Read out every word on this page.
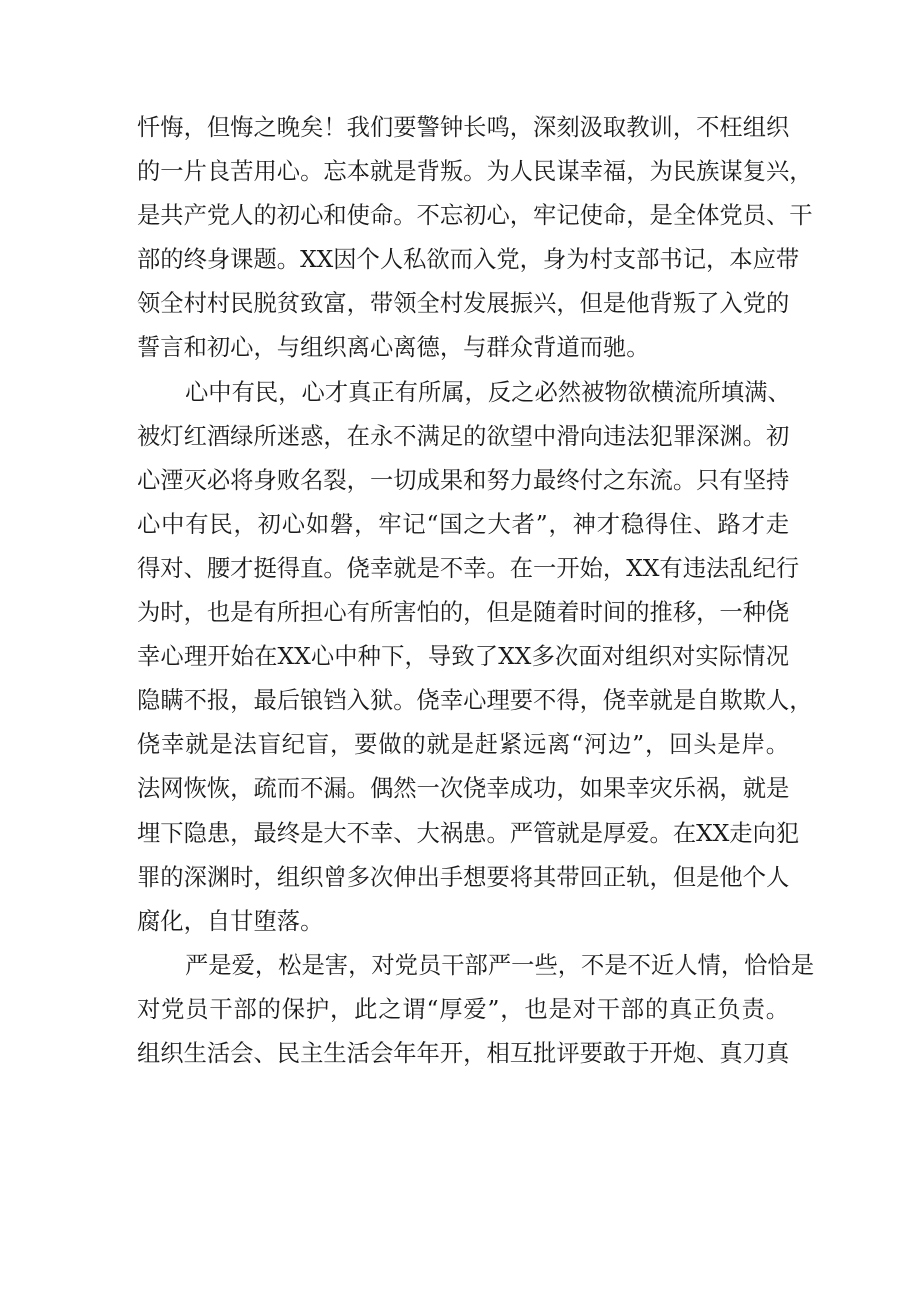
忏悔，但悔之晚矣！我们要警钟长鸣，深刻汲取教训，不枉组织
的一片良苦用心。忘本就是背叛。为人民谋幸福，为民族谋复兴，
是共产党人的初心和使命。不忘初心，牢记使命，是全体党员、干
部的终身课题。XX因个人私欲而入党，身为村支部书记，本应带
领全村村民脱贫致富，带领全村发展振兴，但是他背叛了入党的
誓言和初心，与组织离心离德，与群众背道而驰。
心中有民，心才真正有所属，反之必然被物欲横流所填满、
被灯红酒绿所迷惑，在永不满足的欲望中滑向违法犯罪深渊。初
心湮灭必将身败名裂，一切成果和努力最终付之东流。只有坚持
心中有民，初心如磐，牢记“国之大者”，神才稳得住、路才走
得对、腰才挺得直。侥幸就是不幸。在一开始，XX有违法乱纪行
为时，也是有所担心有所害怕的，但是随着时间的推移，一种侥
幸心理开始在XX心中种下，导致了XX多次面对组织对实际情况
隐瞒不报，最后锒铛入狱。侥幸心理要不得，侥幸就是自欺欺人，
侥幸就是法盲纪盲，要做的就是赶紧远离“河边”，回头是岸。
法网恢恢，疏而不漏。偶然一次侥幸成功，如果幸灾乐祸，就是
埋下隐患，最终是大不幸、大祸患。严管就是厚爱。在XX走向犯
罪的深渊时，组织曾多次伸出手想要将其带回正轨，但是他个人
腐化，自甘堕落。
严是爱，松是害，对党员干部严一些，不是不近人情，恰恰是
对党员干部的保护，此之谓“厚爱”，也是对干部的真正负责。
组织生活会、民主生活会年年开，相互批评要敢于开炮、真刀真
